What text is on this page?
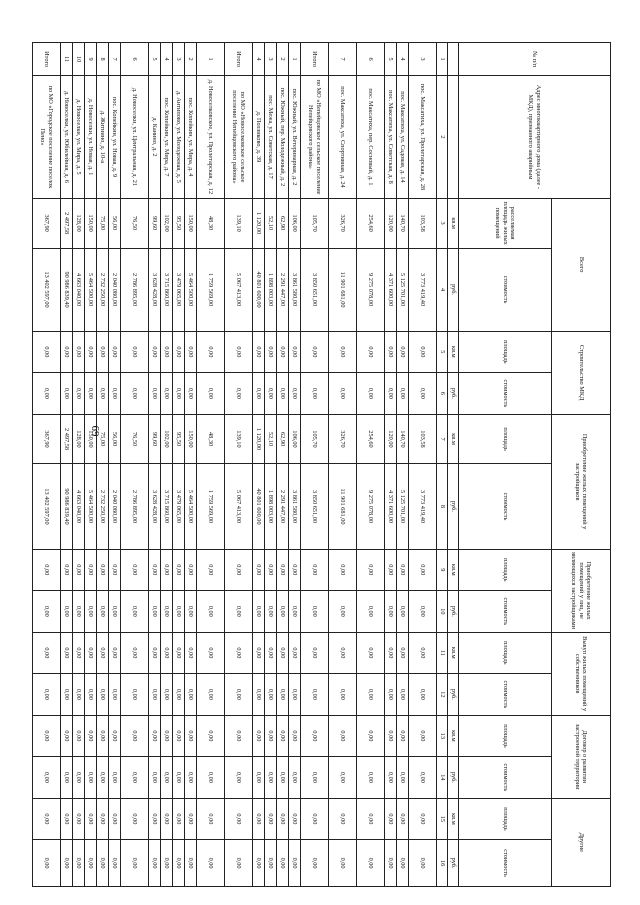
69
№ п/п	Адрес многоквартирного дома (далее - МКД), признанного аварийным	Всего		Строительство МКД		Приобретение жилых помещений у застройщиков		Приобретение жилых помещений у лиц, не являющихся застройщиками		Выкуп жилых помещений у собственников		Договор о развитии застроенной территории		Другие	
		расселяемая площадь жилых помещений	стоимость	площадь	стоимость	площадь	стоимость	площадь	стоимость	площадь	стоимость	площадь	стоимость	площадь	стоимость
		кв.м	руб.	кв.м	руб.	кв.м	руб.	кв.м	руб.	кв.м	руб.	кв.м	руб.	кв.м	руб.
1	2	3	4	5	6	7	8	9	10	11	12	13	14	15	16
3	пос. Максатиха, ул. Пролетарская, д. 28	103,58	3 773 419,40	0,00	0,00	103,58	3 773 419,40	0,00	0,00	0,00	0,00	0,00	0,00	0,00	0,00
4	пос. Максатиха, ул. Садовая, д. 14	140,70	5 125 701,00	0,00	0,00	140,70	5 125 701,00	0,00	0,00	0,00	0,00	0,00	0,00	0,00	0,00
5	пос. Максатиха, ул. Советская, д. 8	120,00	4 371 600,00	0,00	0,00	120,00	4 371 600,00	0,00	0,00	0,00	0,00	0,00	0,00	0,00	0,00
6	пос. Максатиха, пер. Сосновый, д. 1	254,60	9 275 078,00	0,00	0,00	254,60	9 275 078,00	0,00	0,00	0,00	0,00	0,00	0,00	0,00	0,00
7	пос. Максатиха, ул. Спортивная, д. 24	326,70	11 901 681,00	0,00	0,00	326,70	11 901 681,00	0,00	0,00	0,00	0,00	0,00	0,00	0,00	0,00
Итого	по МО «Непейцовское сельское поселение Непейцовского района»	105,70	3 850 651,00	0,00	0,00	105,70	3 850 651,00	0,00	0,00	0,00	0,00	0,00	0,00	0,00	0,00
1	пос. Южный, ул. Ветеринарная, д. 2	106,00	3 861 580,00	0,00	0,00	106,00	3 861 580,00	0,00	0,00	0,00	0,00	0,00	0,00	0,00	0,00
2	пос. Южный, пер. Молодежный, д. 2	62,90	2 291 447,00	0,00	0,00	62,90	2 291 447,00	0,00	0,00	0,00	0,00	0,00	0,00	0,00	0,00
3	пос. Межа, ул. Советская, д. 17	52,10	1 898 003,00	0,00	0,00	52,10	1 898 003,00	0,00	0,00	0,00	0,00	0,00	0,00	0,00	0,00
4	д. Ползиково, д. 39	1 120,00	40 801 600,00	0,00	0,00	1 120,00	40 801 600,00	0,00	0,00	0,00	0,00	0,00	0,00	0,00	0,00
Итого	по МО «Новоселковское сельское поселение Непейцовского района»	139,10	5 067 413,00	0,00	0,00	139,10	5 067 413,00	0,00	0,00	0,00	0,00	0,00	0,00	0,00	0,00
1	д. Новоселковское, ул. Пролетарская, д. 12	48,30	1 759 569,00	0,00	0,00	48,30	1 759 569,00	0,00	0,00	0,00	0,00	0,00	0,00	0,00	0,00
2	пос. Копейкин, ул. Мира, д. 4	150,00	5 464 500,00	0,00	0,00	150,00	5 464 500,00	0,00	0,00	0,00	0,00	0,00	0,00	0,00	0,00
3	д. Антипово, ул. Молодежная, д. 5	95,50	3 479 065,00	0,00	0,00	95,50	3 479 065,00	0,00	0,00	0,00	0,00	0,00	0,00	0,00	0,00
4	пос. Копейкин, ул. Мира, д. 7	102,00	3 715 860,00	0,00	0,00	102,00	3 715 860,00	0,00	0,00	0,00	0,00	0,00	0,00	0,00	0,00
5	д. Канино, д. 2	99,60	3 628 428,00	0,00	0,00	99,60	3 628 428,00	0,00	0,00	0,00	0,00	0,00	0,00	0,00	0,00
6	д. Новоселки, ул. Центральная, д. 21	76,50	2 786 895,00	0,00	0,00	76,50	2 786 895,00	0,00	0,00	0,00	0,00	0,00	0,00	0,00	0,00
7	пос. Копейкин, ул. Новая, д. 9	56,00	2 040 080,00	0,00	0,00	56,00	2 040 080,00	0,00	0,00	0,00	0,00	0,00	0,00	0,00	0,00
8	д. Житнино, д. 10-а	75,00	2 732 250,00	0,00	0,00	75,00	2 732 250,00	0,00	0,00	0,00	0,00	0,00	0,00	0,00	0,00
9	д. Новоселки, ул. Новая, д. 1	150,00	5 464 500,00	0,00	0,00	150,00	5 464 500,00	0,00	0,00	0,00	0,00	0,00	0,00	0,00	0,00
10	д. Новоселки, ул. Мира, д. 5	128,00	4 663 040,00	0,00	0,00	128,00	4 663 040,00	0,00	0,00	0,00	0,00	0,00	0,00	0,00	0,00
11	д. Новоселки, ул. Юбилейная, д. 6	2 497,58	90 986 839,40	0,00	0,00	2 497,58	90 986 839,40	0,00	0,00	0,00	0,00	0,00	0,00	0,00	0,00
Итого	по МО «Городское поселение поселок Пено»	367,90	13 402 597,00	0,00	0,00	367,90	13 402 597,00	0,00	0,00	0,00	0,00	0,00	0,00	0,00	0,00
